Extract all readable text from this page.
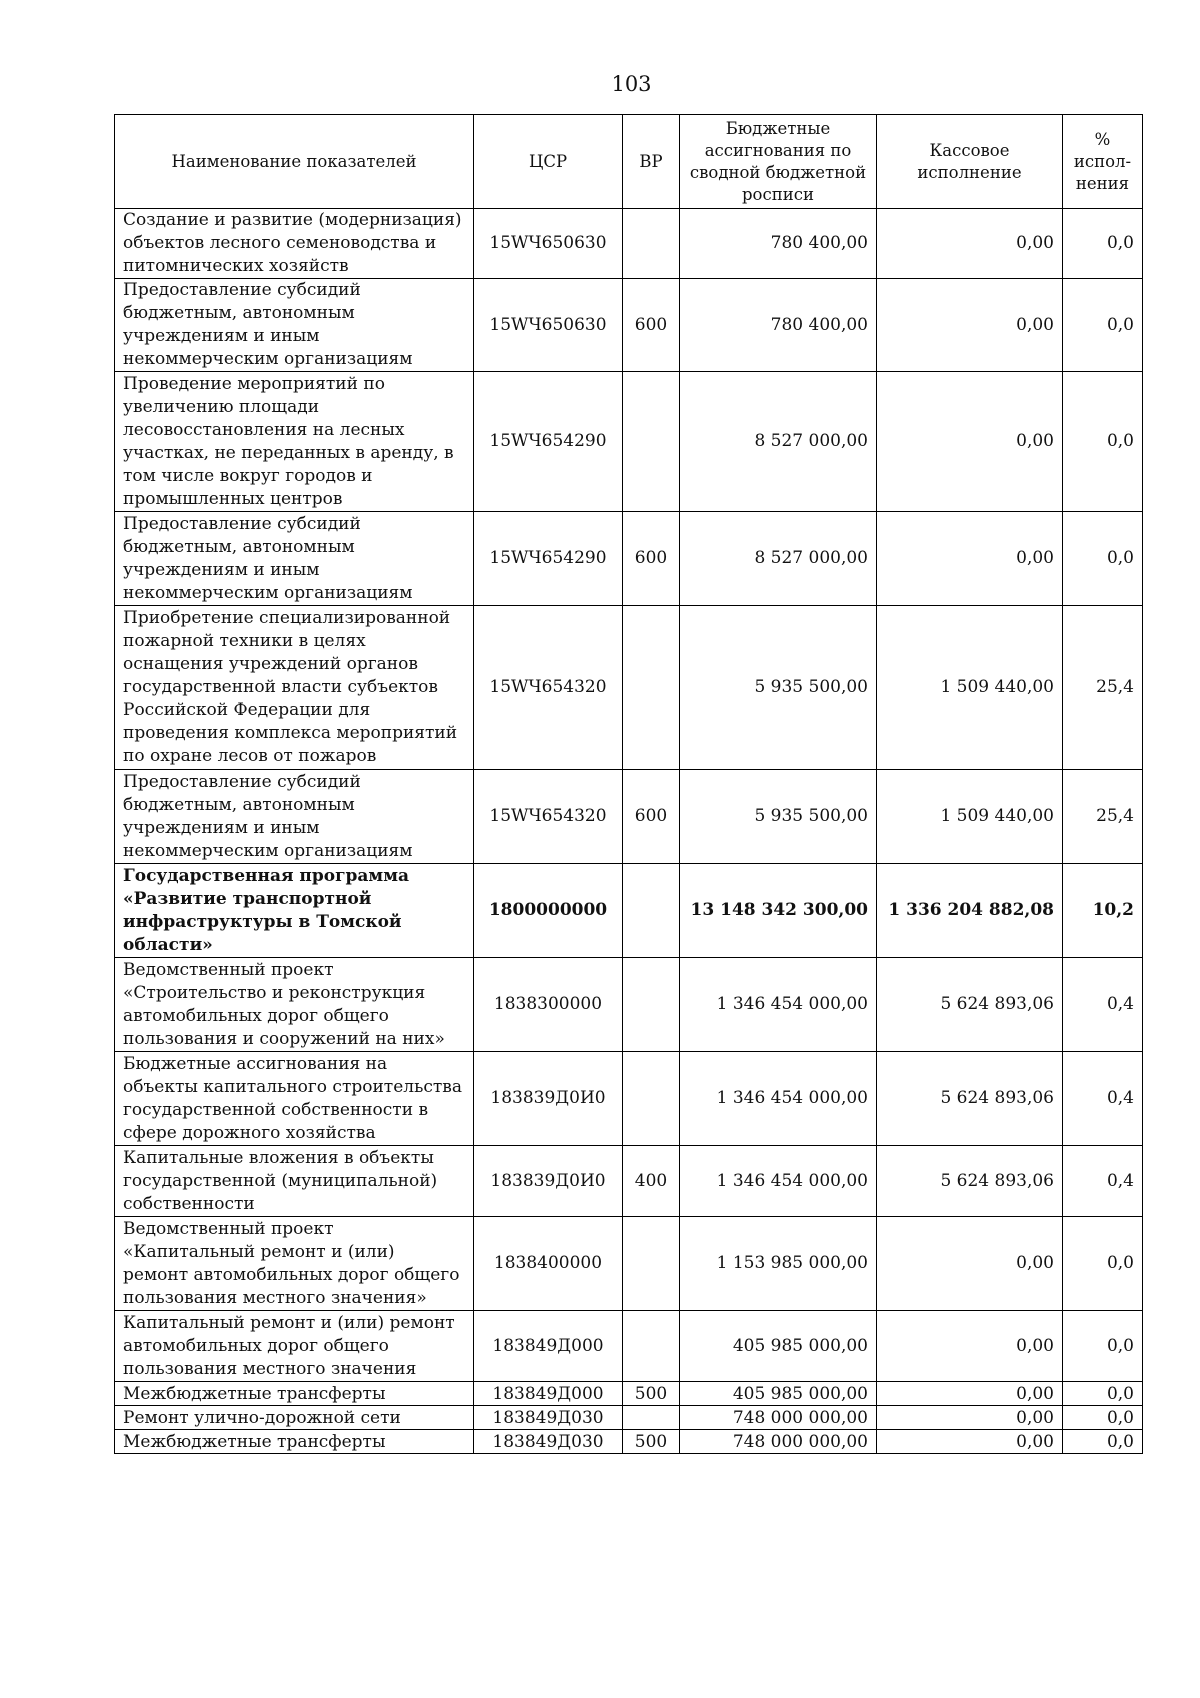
103
Наименование показателей	ЦСР	ВР	Бюджетные ассигнования по сводной бюджетной росписи	Кассовое исполнение	% испол-нения
Создание и развитие (модернизация) объектов лесного семеноводства и питомнических хозяйств	15WЧ650630		780 400,00	0,00	0,0
Предоставление субсидий бюджетным, автономным учреждениям и иным некоммерческим организациям	15WЧ650630	600	780 400,00	0,00	0,0
Проведение мероприятий по увеличению площади лесовосстановления на лесных участках, не переданных в аренду, в том числе вокруг городов и промышленных центров	15WЧ654290		8 527 000,00	0,00	0,0
Предоставление субсидий бюджетным, автономным учреждениям и иным некоммерческим организациям	15WЧ654290	600	8 527 000,00	0,00	0,0
Приобретение специализированной пожарной техники в целях оснащения учреждений органов государственной власти субъектов Российской Федерации для проведения комплекса мероприятий по охране лесов от пожаров	15WЧ654320		5 935 500,00	1 509 440,00	25,4
Предоставление субсидий бюджетным, автономным учреждениям и иным некоммерческим организациям	15WЧ654320	600	5 935 500,00	1 509 440,00	25,4
Государственная программа «Развитие транспортной инфраструктуры в Томской области»	1800000000		13 148 342 300,00	1 336 204 882,08	10,2
Ведомственный проект «Строительство и реконструкция автомобильных дорог общего пользования и сооружений на них»	1838300000		1 346 454 000,00	5 624 893,06	0,4
Бюджетные ассигнования на объекты капитального строительства государственной собственности в сфере дорожного хозяйства	183839Д0И0		1 346 454 000,00	5 624 893,06	0,4
Капитальные вложения в объекты государственной (муниципальной) собственности	183839Д0И0	400	1 346 454 000,00	5 624 893,06	0,4
Ведомственный проект «Капитальный ремонт и (или) ремонт автомобильных дорог общего пользования местного значения»	1838400000		1 153 985 000,00	0,00	0,0
Капитальный ремонт и (или) ремонт автомобильных дорог общего пользования местного значения	183849Д000		405 985 000,00	0,00	0,0
Межбюджетные трансферты	183849Д000	500	405 985 000,00	0,00	0,0
Ремонт улично-дорожной сети	183849Д030		748 000 000,00	0,00	0,0
Межбюджетные трансферты	183849Д030	500	748 000 000,00	0,00	0,0
